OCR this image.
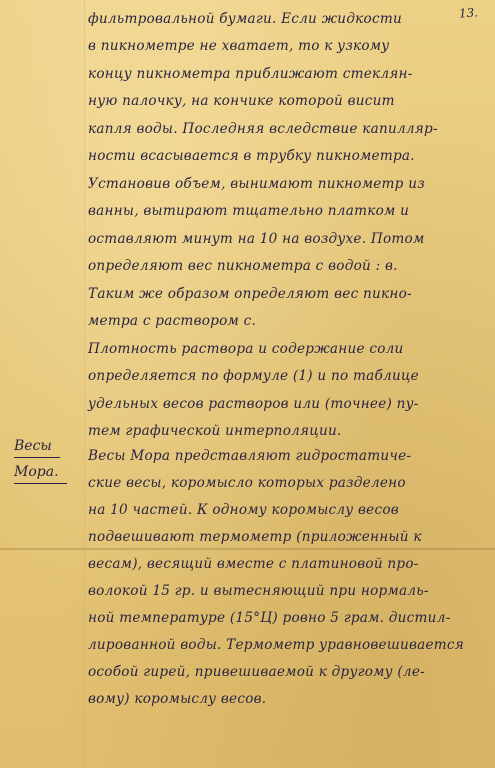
13.
Весы
Мора.
фильтровальной бумаги. Если жидкости
в пикнометре не хватает, то к узкому
концу пикнометра приближают стеклян-
ную палочку, на кончике которой висит
капля воды. Последняя вследствие капилляр-
ности всасывается в трубку пикнометра.
Установив объем, вынимают пикнометр из
ванны, вытирают тщательно платком и
оставляют минут на 10 на воздухе. Потом
определяют вес пикнометра с водой : в.
Таким же образом определяют вес пикно-
метра с раствором с.
Плотность раствора и содержание соли
определяется по формуле (1) и по таблице
удельных весов растворов или (точнее) пу-
тем графической интерполяции.
Весы Мора представляют гидростатиче-
ские весы, коромысло которых разделено
на 10 частей. К одному коромыслу весов
подвешивают термометр (приложенный к
весам), весящий вместе с платиновой про-
волокой 15 гр. и вытесняющий при нормаль-
ной температуре (15°Ц) ровно 5 грам. дистил-
лированной воды. Термометр уравновешивается
особой гирей, привешиваемой к другому (ле-
вому) коромыслу весов.
